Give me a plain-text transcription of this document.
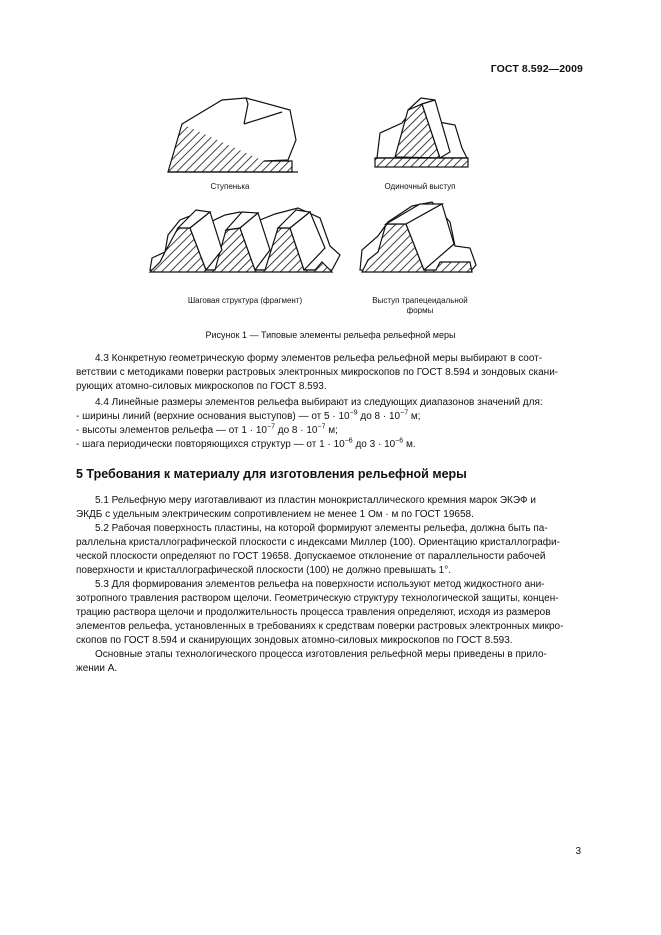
ГОСТ 8.592—2009
Ступенька	Одиночный выступ
Шаговая структура (фрагмент)	Выступ трапецеидальной
формы
Рисунок 1 — Типовые элементы рельефа рельефной меры

4.3 Конкретную геометрическую форму элементов рельефа рельефной меры выбирают в соот-

ветствии с методиками поверки растровых электронных микроскопов по ГОСТ 8.594 и зондовых скани-

рующих атомно-силовых микроскопов по ГОСТ 8.593.

4.4 Линейные размеры элементов рельефа выбирают из следующих диапазонов значений для:

- ширины линий (верхние основания выступов) — от $5 \cdot 10^{-9}$ до $8 \cdot 10^{-7}$ м;

- высоты элементов рельефа — от $1 \cdot 10^{-7}$ до $8 \cdot 10^{-7}$ м;

- шага периодически повторяющихся структур — от $1 \cdot 10^{-6}$ до $3 \cdot 10^{-6}$ м.

5 Требования к материалу для изготовления рельефной меры

5.1 Рельефную меру изготавливают из пластин монокристаллического кремния марок ЭКЭФ и

ЭКДБ с удельным электрическим сопротивлением не менее 1 Ом · м по ГОСТ 19658.

5.2 Рабочая поверхность пластины, на которой формируют элементы рельефа, должна быть па-

раллельна кристаллографической плоскости с индексами Миллер (100). Ориентацию кристаллографи-

ческой плоскости определяют по ГОСТ 19658. Допускаемое отклонение от параллельности рабочей

поверхности и кристаллографической плоскости (100) не должно превышать 1°.

5.3 Для формирования элементов рельефа на поверхности используют метод жидкостного ани-

зотропного травления раствором щелочи. Геометрическую структуру технологической защиты, концен-

трацию раствора щелочи и продолжительность процесса травления определяют, исходя из размеров

элементов рельефа, установленных в требованиях к средствам поверки растровых электронных микро-

скопов по ГОСТ 8.594 и сканирующих зондовых атомно-силовых микроскопов по ГОСТ 8.593.

Основные этапы технологического процесса изготовления рельефной меры приведены в прило-

жении А.

3
